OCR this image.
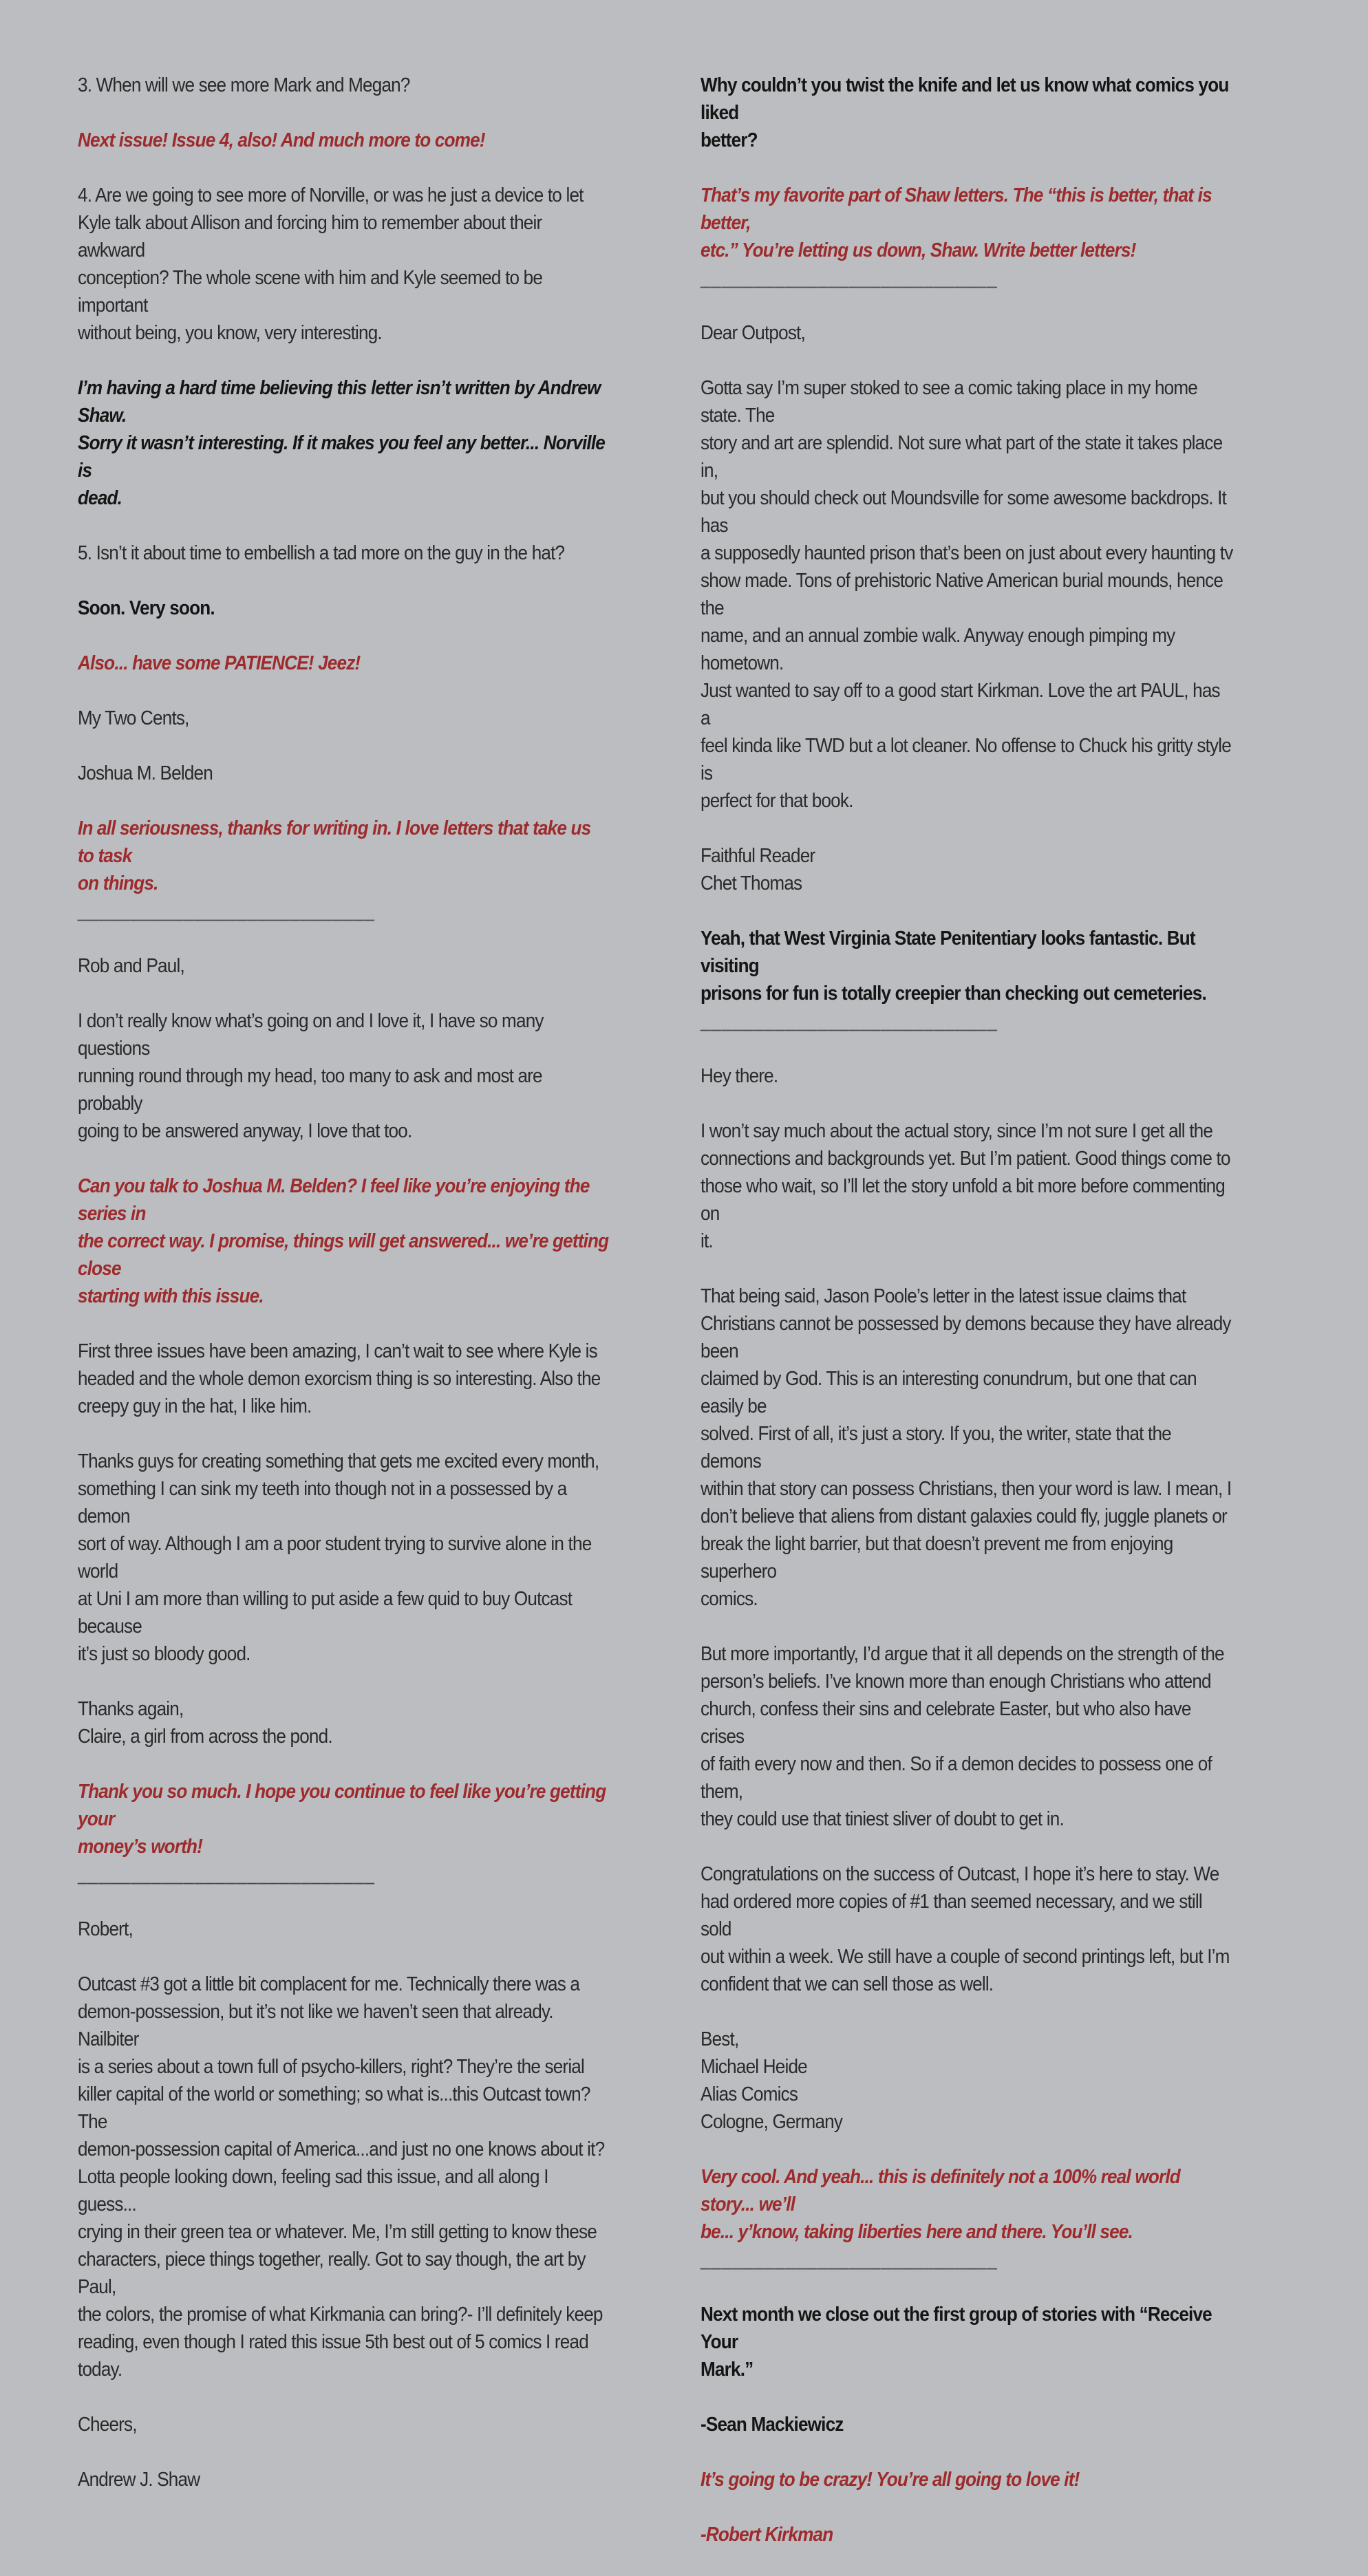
3. When will we see more Mark and Megan?

Next issue! Issue 4, also! And much more to come!

4. Are we going to see more of Norville, or was he just a device to let
Kyle talk about Allison and forcing him to remember about their awkward
conception? The whole scene with him and Kyle seemed to be important
without being, you know, very interesting.

I’m having a hard time believing this letter isn’t written by Andrew Shaw.
Sorry it wasn’t interesting. If it makes you feel any better... Norville is
dead.

5. Isn’t it about time to embellish a tad more on the guy in the hat?

Soon. Very soon.

Also... have some PATIENCE! Jeez!

My Two Cents,

Joshua M. Belden

In all seriousness, thanks for writing in. I love letters that take us to task
on things.

____________________________

Rob and Paul,

I don’t really know what’s going on and I love it, I have so many questions
running round through my head, too many to ask and most are probably
going to be answered anyway, I love that too.

Can you talk to Joshua M. Belden? I feel like you’re enjoying the series in
the correct way. I promise, things will get answered... we’re getting close
starting with this issue.

First three issues have been amazing, I can’t wait to see where Kyle is
headed and the whole demon exorcism thing is so interesting. Also the
creepy guy in the hat, I like him.

Thanks guys for creating something that gets me excited every month,
something I can sink my teeth into though not in a possessed by a demon
sort of way. Although I am a poor student trying to survive alone in the world
at Uni I am more than willing to put aside a few quid to buy Outcast because
it’s just so bloody good.

Thanks again,
Claire, a girl from across the pond.

Thank you so much. I hope you continue to feel like you’re getting your
money’s worth!

____________________________

Robert,

Outcast #3 got a little bit complacent for me. Technically there was a
demon-possession, but it’s not like we haven’t seen that already. Nailbiter
is a series about a town full of psycho-killers, right? They’re the serial
killer capital of the world or something; so what is...this Outcast town? The
demon-possession capital of America...and just no one knows about it?
Lotta people looking down, feeling sad this issue, and all along I guess...
crying in their green tea or whatever. Me, I’m still getting to know these
characters, piece things together, really. Got to say though, the art by Paul,
the colors, the promise of what Kirkmania can bring?- I’ll definitely keep
reading, even though I rated this issue 5th best out of 5 comics I read today.

Cheers,

Andrew J. Shaw

Why couldn’t you twist the knife and let us know what comics you liked
better?

That’s my favorite part of Shaw letters. The “this is better, that is better,
etc.” You’re letting us down, Shaw. Write better letters!

____________________________

Dear Outpost,

Gotta say I’m super stoked to see a comic taking place in my home state. The
story and art are splendid. Not sure what part of the state it takes place in,
but you should check out Moundsville for some awesome backdrops. It has
a supposedly haunted prison that’s been on just about every haunting tv
show made. Tons of prehistoric Native American burial mounds, hence the
name, and an annual zombie walk. Anyway enough pimping my hometown.
Just wanted to say off to a good start Kirkman. Love the art PAUL, has a
feel kinda like TWD but a lot cleaner. No offense to Chuck his gritty style is
perfect for that book.

Faithful Reader
Chet Thomas

Yeah, that West Virginia State Penitentiary looks fantastic. But visiting
prisons for fun is totally creepier than checking out cemeteries.

____________________________

Hey there.

I won’t say much about the actual story, since I’m not sure I get all the
connections and backgrounds yet. But I’m patient. Good things come to
those who wait, so I’ll let the story unfold a bit more before commenting on
it.

That being said, Jason Poole’s letter in the latest issue claims that
Christians cannot be possessed by demons because they have already been
claimed by God. This is an interesting conundrum, but one that can easily be
solved. First of all, it’s just a story. If you, the writer, state that the demons
within that story can possess Christians, then your word is law. I mean, I
don’t believe that aliens from distant galaxies could fly, juggle planets or
break the light barrier, but that doesn’t prevent me from enjoying superhero
comics.

But more importantly, I’d argue that it all depends on the strength of the
person’s beliefs. I’ve known more than enough Christians who attend
church, confess their sins and celebrate Easter, but who also have crises
of faith every now and then. So if a demon decides to possess one of them,
they could use that tiniest sliver of doubt to get in.

Congratulations on the success of Outcast, I hope it’s here to stay. We
had ordered more copies of #1 than seemed necessary, and we still sold
out within a week. We still have a couple of second printings left, but I’m
confident that we can sell those as well.

Best,
Michael Heide
Alias Comics
Cologne, Germany

Very cool. And yeah... this is definitely not a 100% real world story... we’ll
be... y’know, taking liberties here and there. You’ll see.

____________________________

Next month we close out the first group of stories with “Receive Your
Mark.”

-Sean Mackiewicz

It’s going to be crazy! You’re all going to love it!

-Robert Kirkman
